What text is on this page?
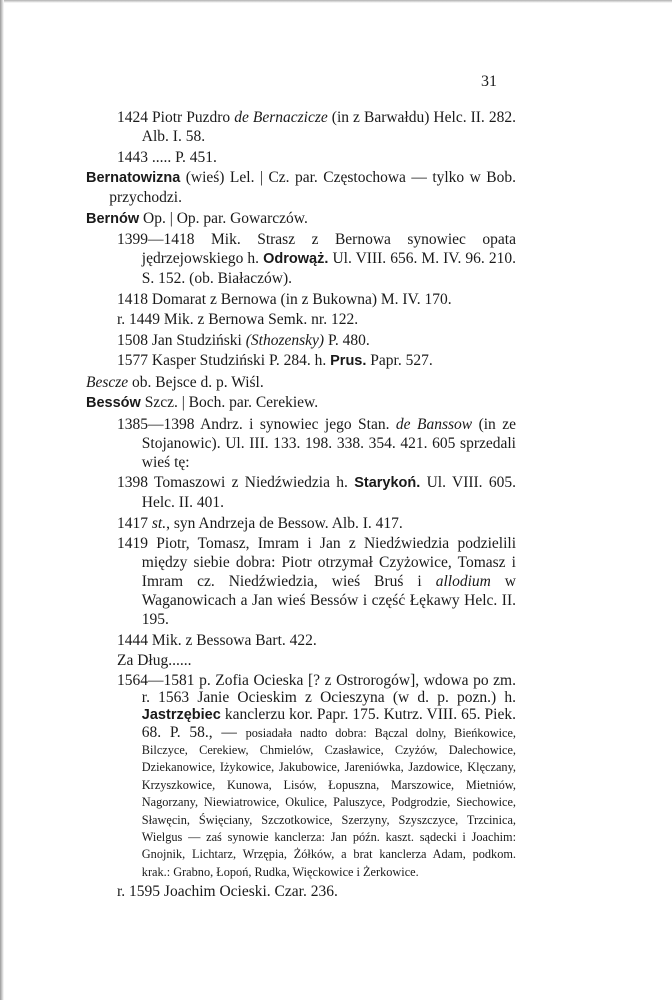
31

1424 Piotr Puzdro de Bernaczicze (in z Barwałdu) Helc. II. 282. Alb. I. 58.

1443 ..... P. 451.

Bernatowizna (wieś) Lel. | Cz. par. Częstochowa — tylko w Bob. przychodzi.

Bernów Op. | Op. par. Gowarczów.

1399—1418 Mik. Strasz z Bernowa synowiec opata jędrzejowskiego h. Odrowąż. Ul. VIII. 656. M. IV. 96. 210. S. 152. (ob. Białaczów).

1418 Domarat z Bernowa (in z Bukowna) M. IV. 170.

r. 1449 Mik. z Bernowa Semk. nr. 122.

1508 Jan Studziński (Sthozensky) P. 480.

1577 Kasper Studziński P. 284. h. Prus. Papr. 527.

Bescze ob. Bejsce d. p. Wiśl.

Bessów Szcz. | Boch. par. Cerekiew.

1385—1398 Andrz. i synowiec jego Stan. de Banssow (in ze Stojanowic). Ul. III. 133. 198. 338. 354. 421. 605 sprzedali wieś tę:

1398 Tomaszowi z Niedźwiedzia h. Starykoń. Ul. VIII. 605. Helc. II. 401.

1417 st., syn Andrzeja de Bessow. Alb. I. 417.

1419 Piotr, Tomasz, Imram i Jan z Niedźwiedzia podzielili między siebie dobra: Piotr otrzymał Czyżowice, Tomasz i Imram cz. Niedźwiedzia, wieś Bruś i allodium w Waganowicach a Jan wieś Bessów i część Łękawy Helc. II. 195.

1444 Mik. z Bessowa Bart. 422.

Za Dług......

1564—1581 p. Zofia Ocieska [? z Ostrorogów], wdowa po zm. r. 1563 Janie Ocieskim z Ocieszyna (w d. p. pozn.) h. Jastrzębiec kanclerzu kor. Papr. 175. Kutrz. VIII. 65. Piek. 68. P. 58., — posiadała nadto dobra: Bączal dolny, Bieńkowice, Bilczyce, Cerekiew, Chmielów, Czasławice, Czyżów, Dalechowice, Dziekanowice, Iżykowice, Jakubowice, Jareniówka, Jazdowice, Klęczany, Krzyszkowice, Kunowa, Lisów, Łopuszna, Marszowice, Mietniów, Nagorzany, Niewiatrowice, Okulice, Paluszyce, Podgrodzie, Siechowice, Sławęcin, Święciany, Szczotkowice, Szerzyny, Szyszczyce, Trzcinica, Wielgus — zaś synowie kanclerza: Jan późn. kaszt. sądecki i Joachim: Gnojnik, Lichtarz, Wrzępia, Żółków, a brat kanclerza Adam, podkom. krak.: Grabno, Łopoń, Rudka, Więckowice i Żerkowice.

r. 1595 Joachim Ocieski. Czar. 236.
